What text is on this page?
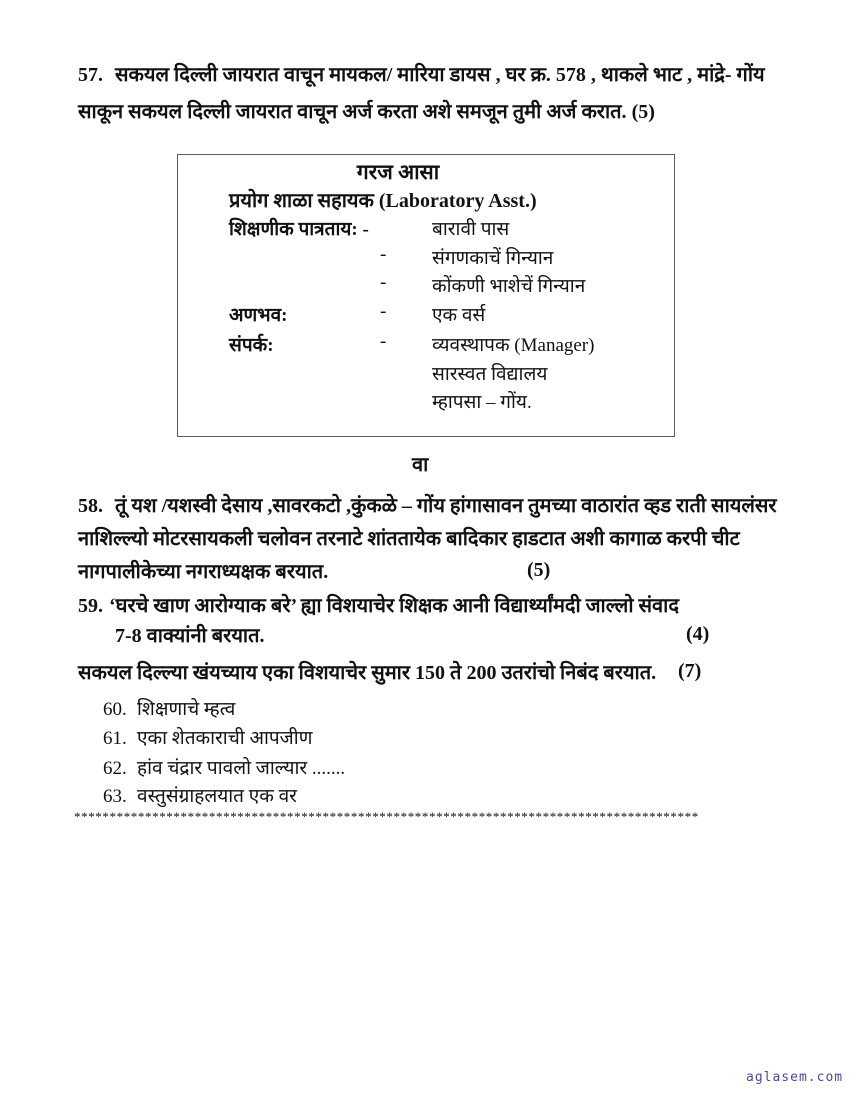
57. सकयल दिल्ली जायरात वाचून मायकल/ मारिया डायस , घर क्र. 578 , थाकले भाट , मांद्रे- गोंय
साकून सकयल दिल्ली जायरात वाचून अर्ज करता अशे समजून तुमी अर्ज करात. (5)
गरज आसा
प्रयोग शाळा सहायक (Laboratory Asst.)
शिक्षणीक पात्रताय: -	बारावी पास
- संगणकाचें गिन्यान
- कोंकणी भाशेचें गिन्यान
अणभव:	- एक वर्स
संपर्क:	- व्यवस्थापक (Manager)
सारस्वत विद्यालय
म्हापसा – गोंय.
वा
58. तूं यश /यशस्वी देसाय ,सावरकटो ,कुंकळे – गोंय हांगासावन तुमच्या वाठारांत व्हड राती सायलंसर
नाशिल्ल्यो मोटरसायकली चलोवन तरनाटे शांततायेक बादिकार हाडटात अशी कागाळ करपी चीट
नागपालीकेच्या नगराध्यक्षक बरयात.	(5)
59. ‘घरचे खाण आरोग्याक बरे’ ह्या विशयाचेर शिक्षक आनी विद्यार्थ्यांमदी जाल्लो संवाद
7-8 वाक्यांनी बरयात.	(4)
सकयल दिल्ल्या खंयच्याय एका विशयाचेर सुमार 150 ते 200 उतरांचो निबंद बरयात. (7)
60. शिक्षणाचे म्हत्व
61. एका शेतकाराची आपजीण
62. हांव चंद्रार पावलो जाल्यार .......
63. वस्तुसंग्राहलयात एक वर
****************************************************************************************
aglasem.com
